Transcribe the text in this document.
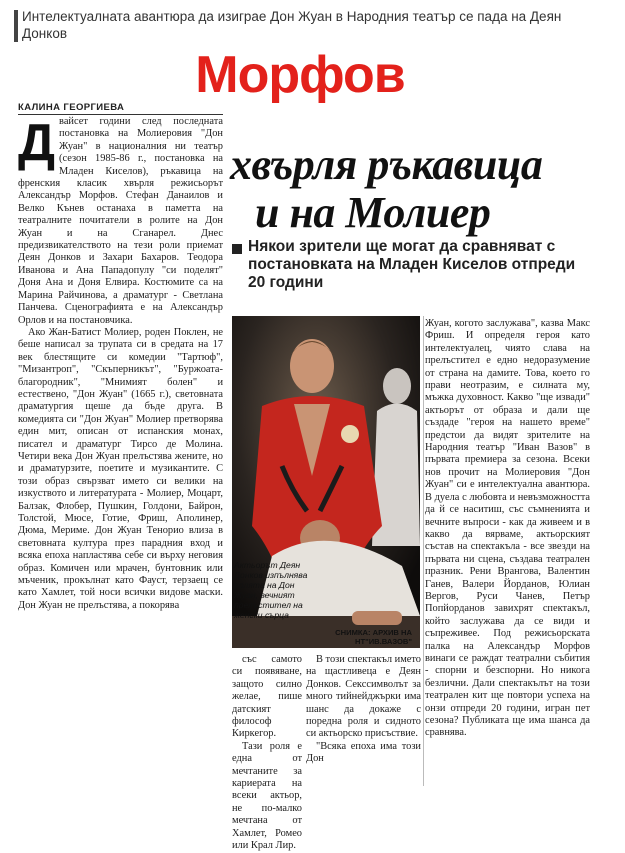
Интелектуалната авантюра да изиграе Дон Жуан в Народния театър се пада на Деян Донков
Морфов
хвърля ръкавица
и на Молиер
Някои зрители ще могат да сравняват с постановката на Младен Киселов отпреди 20 години
КАЛИНА ГЕОРГИЕВА

Двайсет години след последната постановка на Молиеровия "Дон Жуан" в националния ни театър (сезон 1985-86 г., постановка на Младен Киселов), ръкавица на френския класик хвърля режисьорът Александър Морфов. Стефан Данаилов и Велко Кънев останаха в паметта на театралните почитатели в ролите на Дон Жуан и на Сганарел. Днес предизвикателството на тези роли приемат Деян Донков и Захари Бахаров. Теодора Иванова и Ана Пападопулу "си поделят" Доня Ана и Доня Елвира. Костюмите са на Марина Райчинова, а драматург - Светлана Панчева. Сценографията е на Александър Орлов и на постановчика.

Ако Жан-Батист Молиер, роден Поклен, не беше написал за трупата си в средата на 17 век блестящите си комедии "Тартюф", "Мизантроп", "Скъперникът", "Буржоата-благородник", "Мнимият болен" и естествено, "Дон Жуан" (1665 г.), световната драматургия щеше да бъде друга. В комедията си "Дон Жуан" Молиер претворява един мит, описан от испанския монах, писател и драматург Тирсо де Молина. Четири века Дон Жуан прелъстява жените, но и драматурзите, поетите и музикантите. С този образ свързват името си велики на изкуството и литературата - Молиер, Моцарт, Балзак, Флобер, Пушкин, Голдони, Байрон, Толстой, Мюсе, Готие, Фриш, Аполинер, Дюма, Мериме. Дон Жуан Тенорио влиза в световната култура през парадния вход и всяка епоха напластява себе си върху неговия образ. Комичен или мрачен, бунтовник или мъченик, прокълнат като Фауст, терзаещ се като Хамлет, той носи всички видове маски. Дон Жуан не прелъстява, а покорява

Актьорът Деян Донков изпълнява ролята на Дон Жуан, вечният прелъстител на женски сърца
СНИМКА: АРХИВ НА НТ"ИВ.ВАЗОВ"

със самото си появяване, защото силно желае, пише датският философ Киркегор.

Тази роля е една от мечтаните за кариерата на всеки актьор, не по-малко мечтана от Хамлет, Ромео или Крал Лир.

В този спектакъл името на щастливеца е Деян Донков. Секссимволът за много тийнейджърки има шанс да докаже с поредна роля и сидното си актьорско присъствие.

"Всяка епоха има този Дон

Жуан, когото заслужава", казва Макс Фриш. И определя героя като интелектуалец, чиято слава на прелъстител е едно недоразумение от страна на дамите. Това, което го прави неотразим, е силната му, мъжка духовност. Какво "ще извади" актьорът от образа и дали ще създаде "героя на нашето време" предстои да видят зрителите на Народния театър "Иван Вазов" в първата премиера за сезона. Всеки нов прочит на Молиеровия "Дон Жуан" си е интелектуална авантюра. В дуела с любовта и невъзможността да й се наситиш, със съмненията и вечните въпроси - как да живеем и в какво да вярваме, актьорският състав на спектакъла - все звезди на първата ни сцена, създава театрален празник. Рени Врангова, Валентин Ганев, Валери Йорданов, Юлиан Вергов, Руси Чанев, Петър Попйорданов завихрят спектакъл, който заслужава да се види и съпреживее. Под режисьорската палка на Александър Морфов винаги се раждат театрални събития - спорни и безспорни. Но никога безлични. Дали спектакълът на този театрален кит ще повтори успеха на онзи отпреди 20 години, игран пет сезона? Публиката ще има шанса да сравнява.
